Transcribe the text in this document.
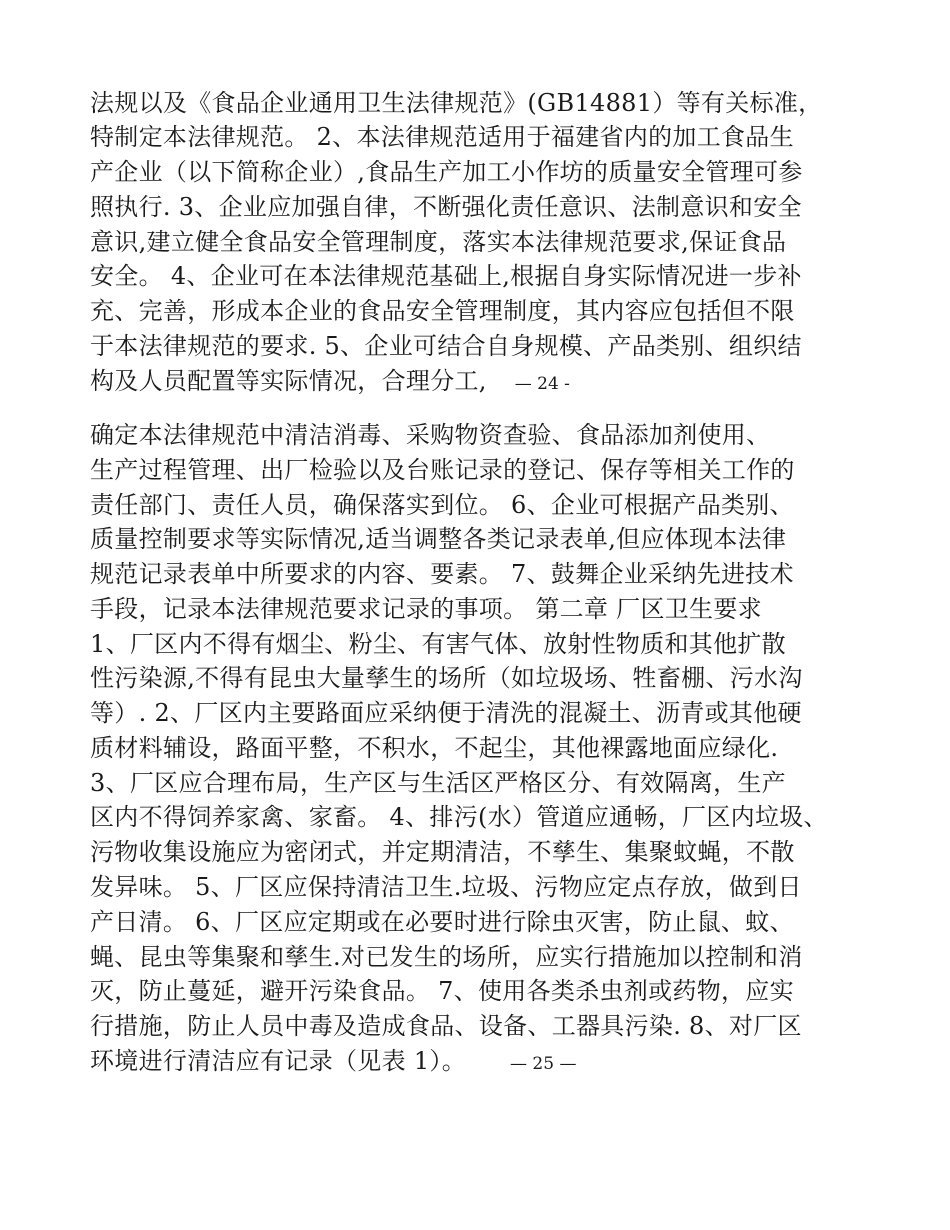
法规以及《食品企业通用卫生法律规范》(GB14881）等有关标准，
特制定本法律规范。 2、本法律规范适用于福建省内的加工食品生
产企业（以下简称企业）,食品生产加工小作坊的质量安全管理可参
照执行. 3、企业应加强自律，不断强化责任意识、法制意识和安全
意识,建立健全食品安全管理制度，落实本法律规范要求,保证食品
安全。 4、企业可在本法律规范基础上,根据自身实际情况进一步补
充、完善，形成本企业的食品安全管理制度，其内容应包括但不限
于本法律规范的要求. 5、企业可结合自身规模、产品类别、组织结
构及人员配置等实际情况，合理分工, — 24 -
确定本法律规范中清洁消毒、采购物资查验、食品添加剂使用、
生产过程管理、出厂检验以及台账记录的登记、保存等相关工作的
责任部门、责任人员，确保落实到位。 6、企业可根据产品类别、
质量控制要求等实际情况,适当调整各类记录表单,但应体现本法律
规范记录表单中所要求的内容、要素。 7、鼓舞企业采纳先进技术
手段，记录本法律规范要求记录的事项。 第二章 厂区卫生要求
1、厂区内不得有烟尘、粉尘、有害气体、放射性物质和其他扩散
性污染源,不得有昆虫大量孳生的场所（如垃圾场、牲畜棚、污水沟
等）. 2、厂区内主要路面应采纳便于清洗的混凝土、沥青或其他硬
质材料辅设，路面平整，不积水，不起尘，其他裸露地面应绿化.
3、厂区应合理布局，生产区与生活区严格区分、有效隔离，生产
区内不得饲养家禽、家畜。 4、排污(水）管道应通畅，厂区内垃圾、
污物收集设施应为密闭式，并定期清洁，不孳生、集聚蚊蝇，不散
发异味。 5、厂区应保持清洁卫生.垃圾、污物应定点存放，做到日
产日清。 6、厂区应定期或在必要时进行除虫灭害，防止鼠、蚊、
蝇、昆虫等集聚和孳生.对已发生的场所，应实行措施加以控制和消
灭，防止蔓延，避开污染食品。 7、使用各类杀虫剂或药物，应实
行措施，防止人员中毒及造成食品、设备、工器具污染. 8、对厂区
环境进行清洁应有记录（见表 1）。	— 25 —
